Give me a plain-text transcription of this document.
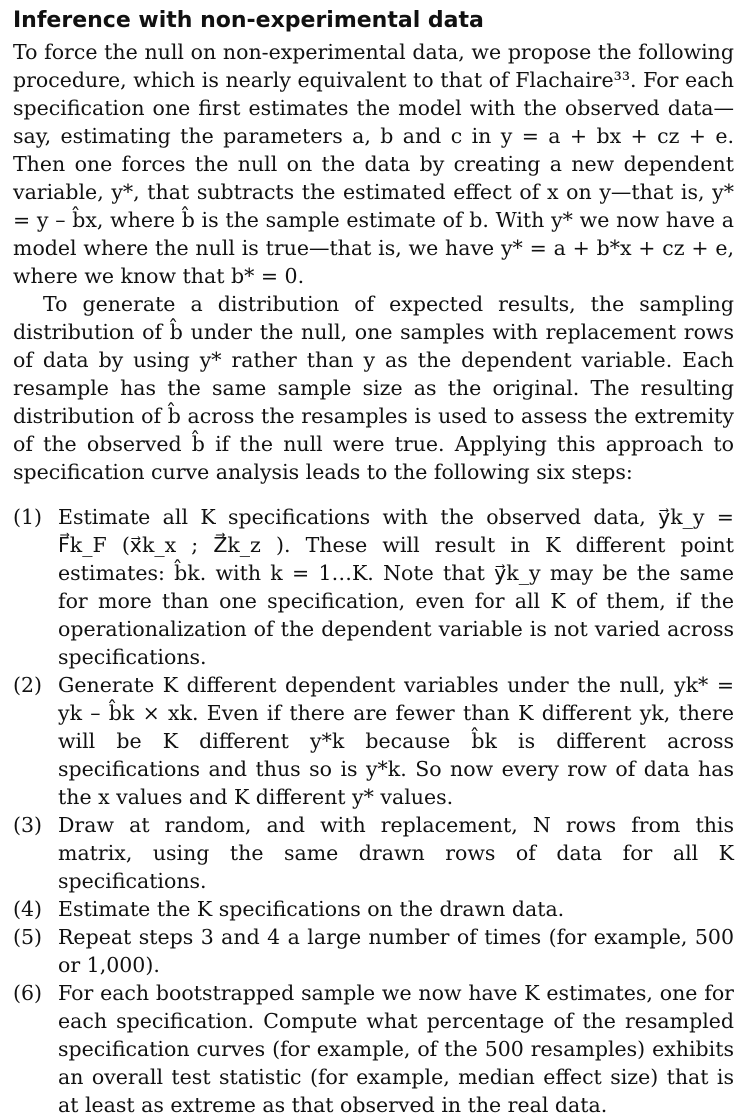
Inference with non-experimental data

To force the null on non-experimental data, we propose the following procedure, which is nearly equivalent to that of Flachaire³³. For each specification one first estimates the model with the observed data—say, estimating the parameters a, b and c in y = a + bx + cz + e. Then one forces the null on the data by creating a new dependent variable, y*, that subtracts the estimated effect of x on y—that is, y* = y – b̂x, where b̂ is the sample estimate of b. With y* we now have a model where the null is true—that is, we have y* = a + b*x + cz + e, where we know that b* = 0.

To generate a distribution of expected results, the sampling distribution of b̂ under the null, one samples with replacement rows of data by using y* rather than y as the dependent variable. Each resample has the same sample size as the original. The resulting distribution of b̂ across the resamples is used to assess the extremity of the observed b̂ if the null were true. Applying this approach to specification curve analysis leads to the following six steps:

(1) Estimate all K specifications with the observed data, y⃗k_y = F⃗k_F (x⃗k_x ; Z⃗k_z ). These will result in K different point estimates: b̂k. with k = 1…K. Note that y⃗k_y may be the same for more than one specification, even for all K of them, if the operationalization of the dependent variable is not varied across specifications.
(2) Generate K different dependent variables under the null, yk* = yk – b̂k × xk. Even if there are fewer than K different yk, there will be K different y*k because b̂k is different across specifications and thus so is y*k. So now every row of data has the x values and K different y* values.
(3) Draw at random, and with replacement, N rows from this matrix, using the same drawn rows of data for all K specifications.
(4) Estimate the K specifications on the drawn data.
(5) Repeat steps 3 and 4 a large number of times (for example, 500 or 1,000).
(6) For each bootstrapped sample we now have K estimates, one for each specification. Compute what percentage of the resampled specification curves (for example, of the 500 resamples) exhibits an overall test statistic (for example, median effect size) that is at least as extreme as that observed in the real data.
